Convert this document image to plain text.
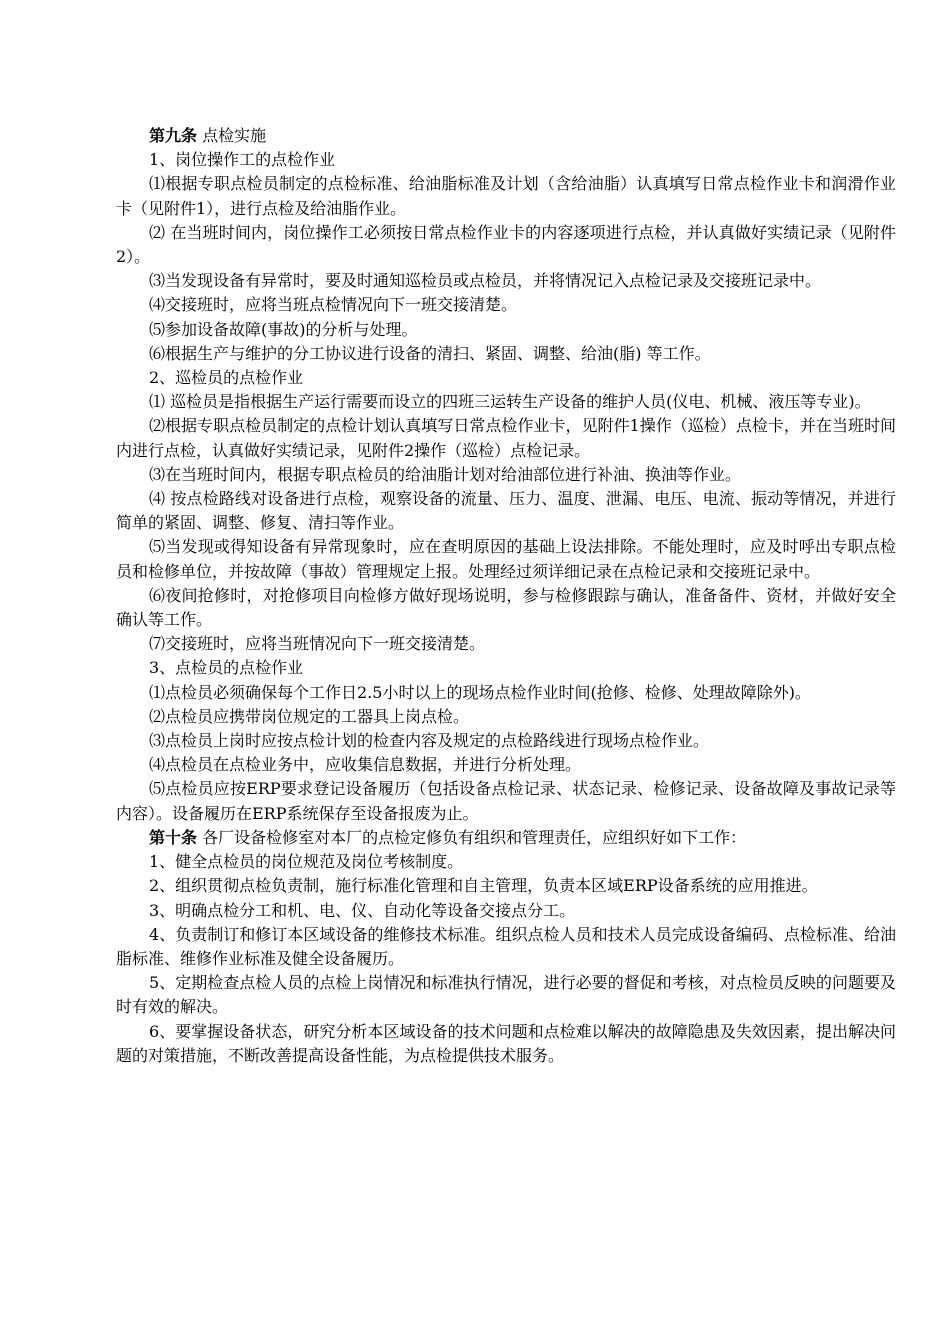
第九条 点检实施

1、岗位操作工的点检作业

⑴根据专职点检员制定的点检标准、给油脂标准及计划（含给油脂）认真填写日常点检作业卡和润滑作业卡（见附件1），进行点检及给油脂作业。

⑵ 在当班时间内，岗位操作工必须按日常点检作业卡的内容逐项进行点检，并认真做好实绩记录（见附件2）。

⑶当发现设备有异常时，要及时通知巡检员或点检员，并将情况记入点检记录及交接班记录中。

⑷交接班时，应将当班点检情况向下一班交接清楚。

⑸参加设备故障(事故)的分析与处理。

⑹根据生产与维护的分工协议进行设备的清扫、紧固、调整、给油(脂) 等工作。

2、巡检员的点检作业

⑴ 巡检员是指根据生产运行需要而设立的四班三运转生产设备的维护人员(仪电、机械、液压等专业)。

⑵根据专职点检员制定的点检计划认真填写日常点检作业卡，见附件1操作（巡检）点检卡，并在当班时间内进行点检，认真做好实绩记录，见附件2操作（巡检）点检记录。

⑶在当班时间内，根据专职点检员的给油脂计划对给油部位进行补油、换油等作业。

⑷ 按点检路线对设备进行点检，观察设备的流量、压力、温度、泄漏、电压、电流、振动等情况，并进行简单的紧固、调整、修复、清扫等作业。

⑸当发现或得知设备有异常现象时，应在查明原因的基础上设法排除。不能处理时，应及时呼出专职点检员和检修单位，并按故障（事故）管理规定上报。处理经过须详细记录在点检记录和交接班记录中。

⑹夜间抢修时，对抢修项目向检修方做好现场说明，参与检修跟踪与确认，准备备件、资材，并做好安全确认等工作。

⑺交接班时，应将当班情况向下一班交接清楚。

3、点检员的点检作业

⑴点检员必须确保每个工作日2.5小时以上的现场点检作业时间(抢修、检修、处理故障除外)。

⑵点检员应携带岗位规定的工器具上岗点检。

⑶点检员上岗时应按点检计划的检查内容及规定的点检路线进行现场点检作业。

⑷点检员在点检业务中，应收集信息数据，并进行分析处理。

⑸点检员应按ERP要求登记设备履历（包括设备点检记录、状态记录、检修记录、设备故障及事故记录等内容）。设备履历在ERP系统保存至设备报废为止。

第十条 各厂设备检修室对本厂的点检定修负有组织和管理责任，应组织好如下工作：

1、健全点检员的岗位规范及岗位考核制度。

2、组织贯彻点检负责制，施行标准化管理和自主管理，负责本区域ERP设备系统的应用推进。

3、明确点检分工和机、电、仪、自动化等设备交接点分工。

4、负责制订和修订本区域设备的维修技术标准。组织点检人员和技术人员完成设备编码、点检标准、给油脂标准、维修作业标准及健全设备履历。

5、定期检查点检人员的点检上岗情况和标准执行情况，进行必要的督促和考核，对点检员反映的问题要及时有效的解决。

6、要掌握设备状态，研究分析本区域设备的技术问题和点检难以解决的故障隐患及失效因素，提出解决问题的对策措施，不断改善提高设备性能，为点检提供技术服务。
